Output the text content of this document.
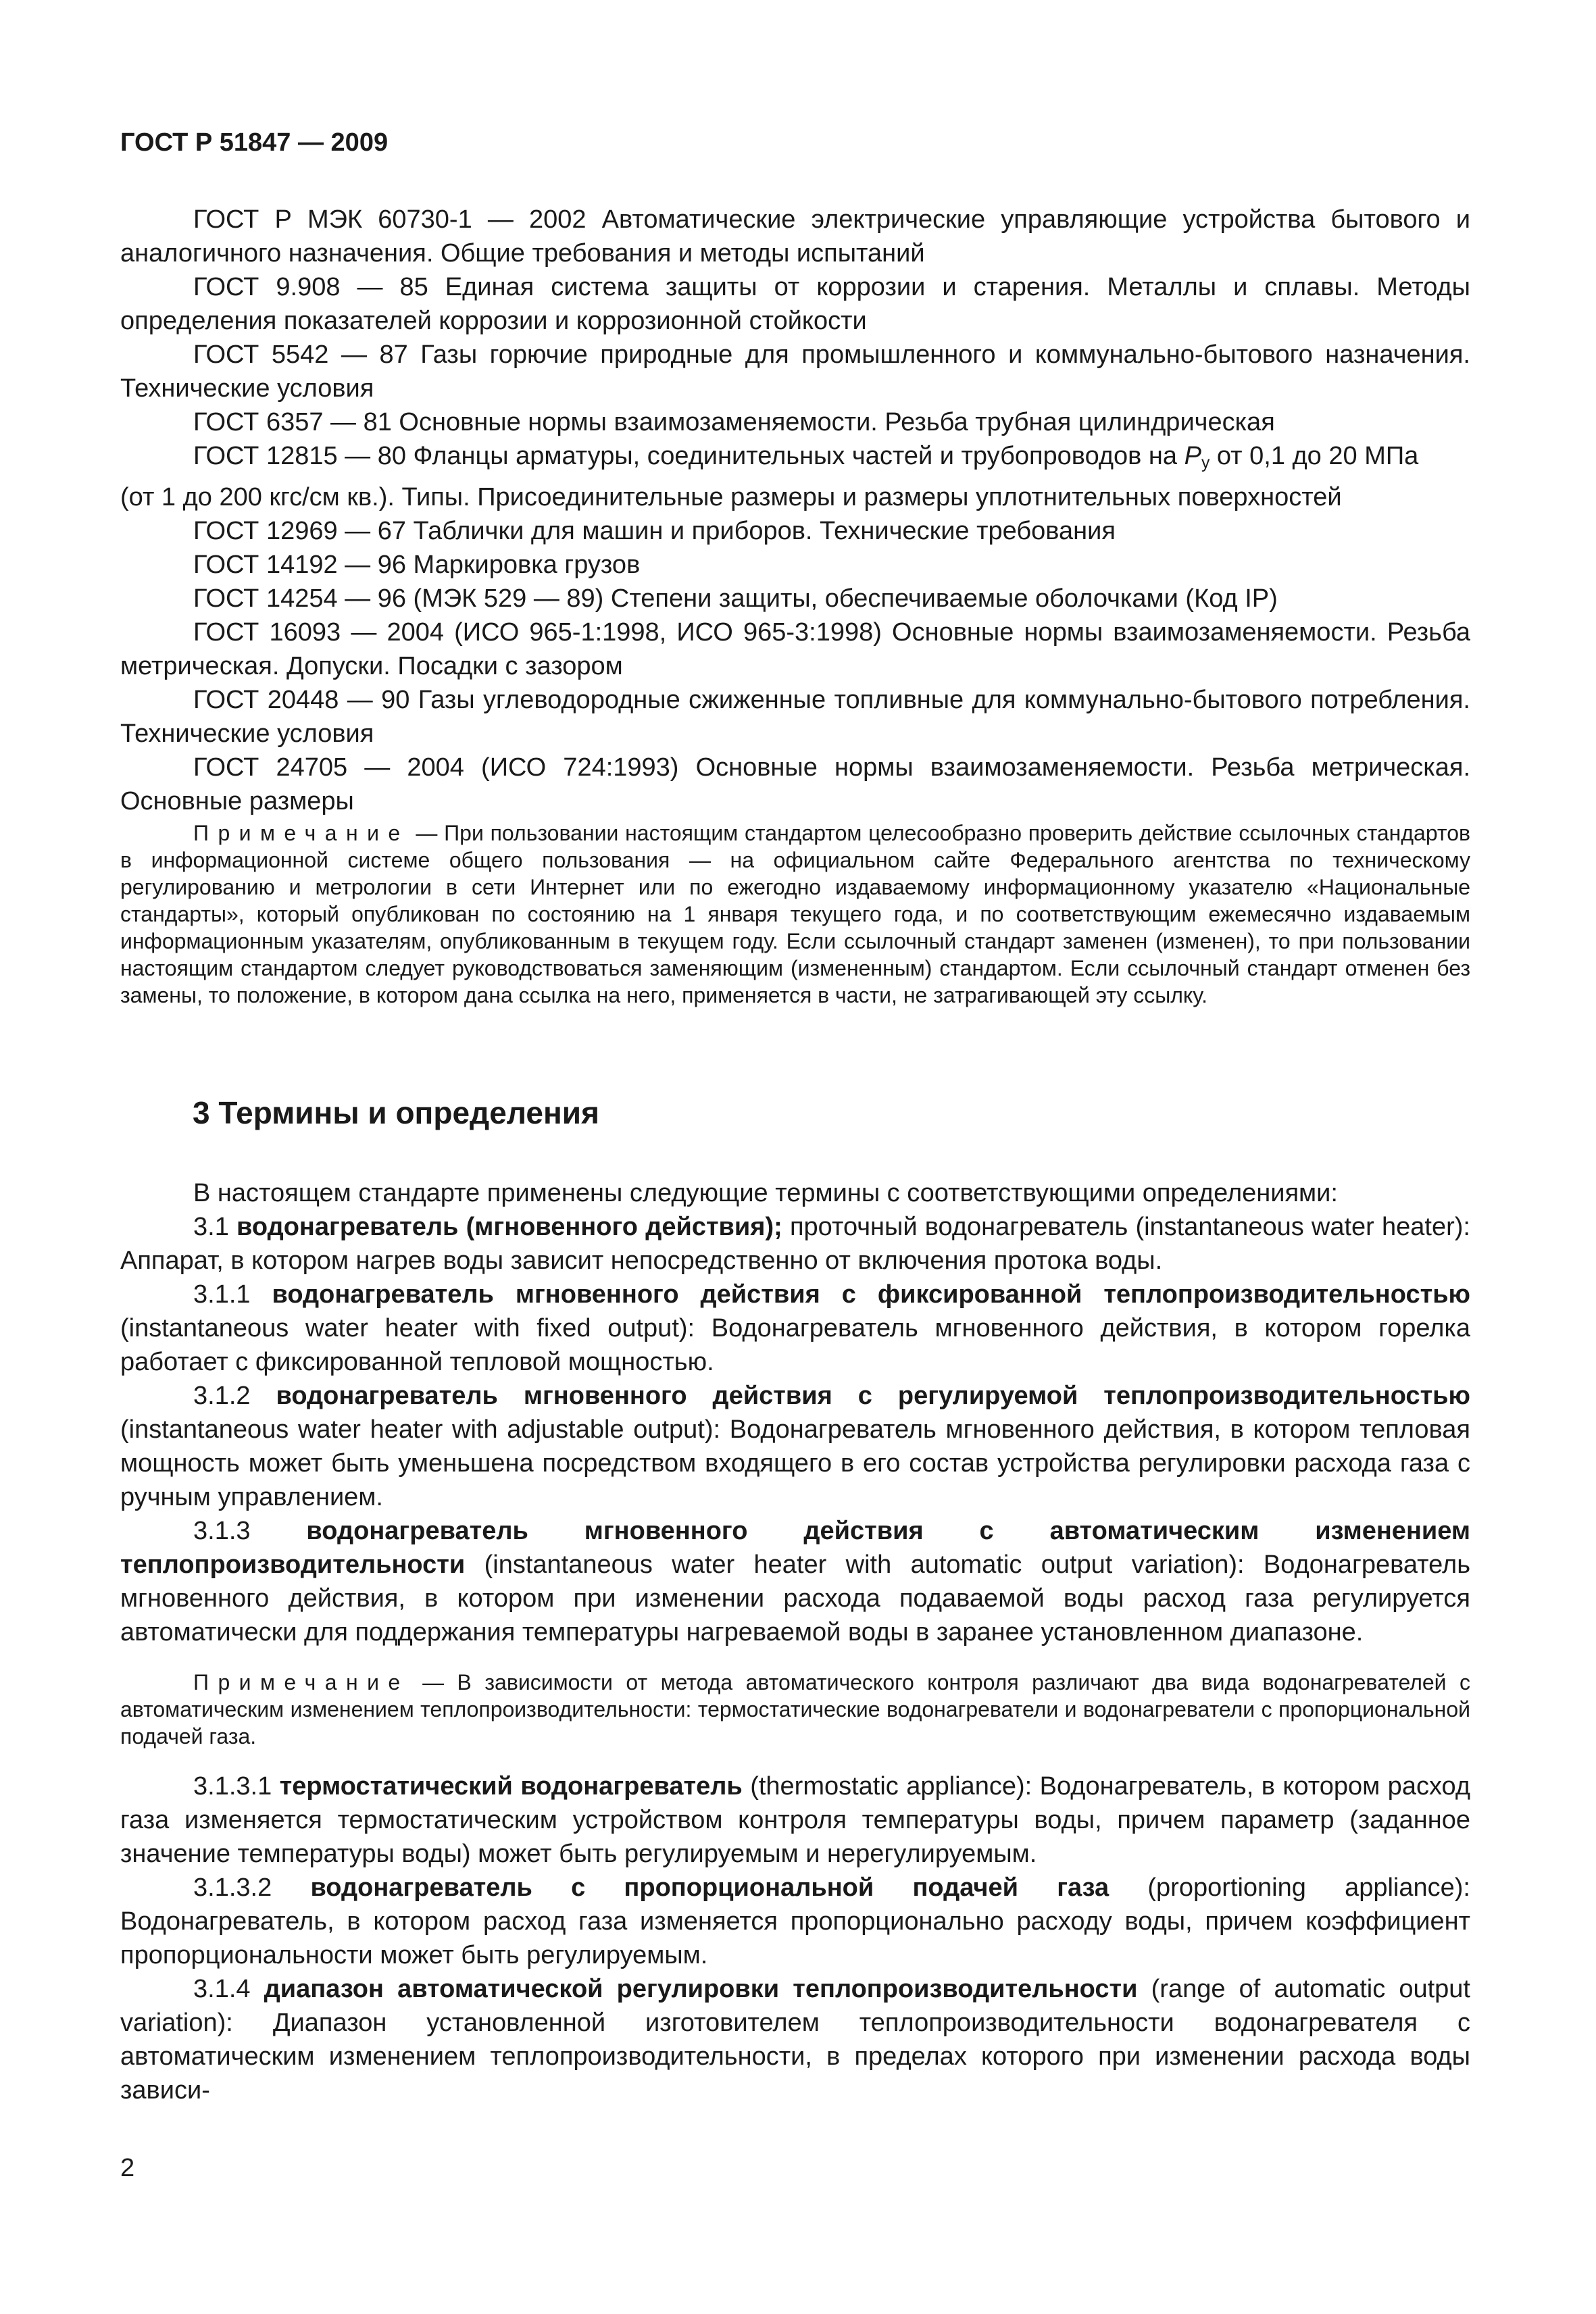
ГОСТ Р 51847 — 2009

ГОСТ Р МЭК 60730-1 — 2002 Автоматические электрические управляющие устройства бытового и аналогичного назначения. Общие требования и методы испытаний

ГОСТ 9.908 — 85 Единая система защиты от коррозии и старения. Металлы и сплавы. Методы определения показателей коррозии и коррозионной стойкости

ГОСТ 5542 — 87 Газы горючие природные для промышленного и коммунально-бытового назначения. Технические условия

ГОСТ 6357 — 81 Основные нормы взаимозаменяемости. Резьба трубная цилиндрическая

ГОСТ 12815 — 80 Фланцы арматуры, соединительных частей и трубопроводов на $P_у$ от 0,1 до 20 МПа

(от 1 до 200 кгс/см кв.). Типы. Присоединительные размеры и размеры уплотнительных поверхностей

ГОСТ 12969 — 67 Таблички для машин и приборов. Технические требования

ГОСТ 14192 — 96 Маркировка грузов

ГОСТ 14254 — 96 (МЭК 529 — 89) Степени защиты, обеспечиваемые оболочками (Код IP)

ГОСТ 16093 — 2004 (ИСО 965-1:1998, ИСО 965-3:1998) Основные нормы взаимозаменяемости. Резьба метрическая. Допуски. Посадки с зазором

ГОСТ 20448 — 90 Газы углеводородные сжиженные топливные для коммунально-бытового потребления. Технические условия

ГОСТ 24705 — 2004 (ИСО 724:1993) Основные нормы взаимозаменяемости. Резьба метрическая. Основные размеры

Примечание — При пользовании настоящим стандартом целесообразно проверить действие ссылочных стандартов в информационной системе общего пользования — на официальном сайте Федерального агентства по техническому регулированию и метрологии в сети Интернет или по ежегодно издаваемому информационному указателю «Национальные стандарты», который опубликован по состоянию на 1 января текущего года, и по соответствующим ежемесячно издаваемым информационным указателям, опубликованным в текущем году. Если ссылочный стандарт заменен (изменен), то при пользовании настоящим стандартом следует руководствоваться заменяющим (измененным) стандартом. Если ссылочный стандарт отменен без замены, то положение, в котором дана ссылка на него, применяется в части, не затрагивающей эту ссылку.

3 Термины и определения

В настоящем стандарте применены следующие термины с соответствующими определениями:

3.1 водонагреватель (мгновенного действия); проточный водонагреватель (instantaneous water heater): Аппарат, в котором нагрев воды зависит непосредственно от включения протока воды.

3.1.1 водонагреватель мгновенного действия с фиксированной теплопроизводительностью (instantaneous water heater with fixed output): Водонагреватель мгновенного действия, в котором горелка работает с фиксированной тепловой мощностью.

3.1.2 водонагреватель мгновенного действия с регулируемой теплопроизводительностью (instantaneous water heater with adjustable output): Водонагреватель мгновенного действия, в котором тепловая мощность может быть уменьшена посредством входящего в его состав устройства регулировки расхода газа с ручным управлением.

3.1.3 водонагреватель мгновенного действия с автоматическим изменением теплопроизводительности (instantaneous water heater with automatic output variation): Водонагреватель мгновенного действия, в котором при изменении расхода подаваемой воды расход газа регулируется автоматически для поддержания температуры нагреваемой воды в заранее установленном диапазоне.

Примечание — В зависимости от метода автоматического контроля различают два вида водонагревателей с автоматическим изменением теплопроизводительности: термостатические водонагреватели и водонагреватели с пропорциональной подачей газа.

3.1.3.1 термостатический водонагреватель (thermostatic appliance): Водонагреватель, в котором расход газа изменяется термостатическим устройством контроля температуры воды, причем параметр (заданное значение температуры воды) может быть регулируемым и нерегулируемым.

3.1.3.2 водонагреватель с пропорциональной подачей газа (proportioning appliance): Водонагреватель, в котором расход газа изменяется пропорционально расходу воды, причем коэффициент пропорциональности может быть регулируемым.

3.1.4 диапазон автоматической регулировки теплопроизводительности (range of automatic output variation): Диапазон установленной изготовителем теплопроизводительности водонагревателя с автоматическим изменением теплопроизводительности, в пределах которого при изменении расхода воды зависи-

2
